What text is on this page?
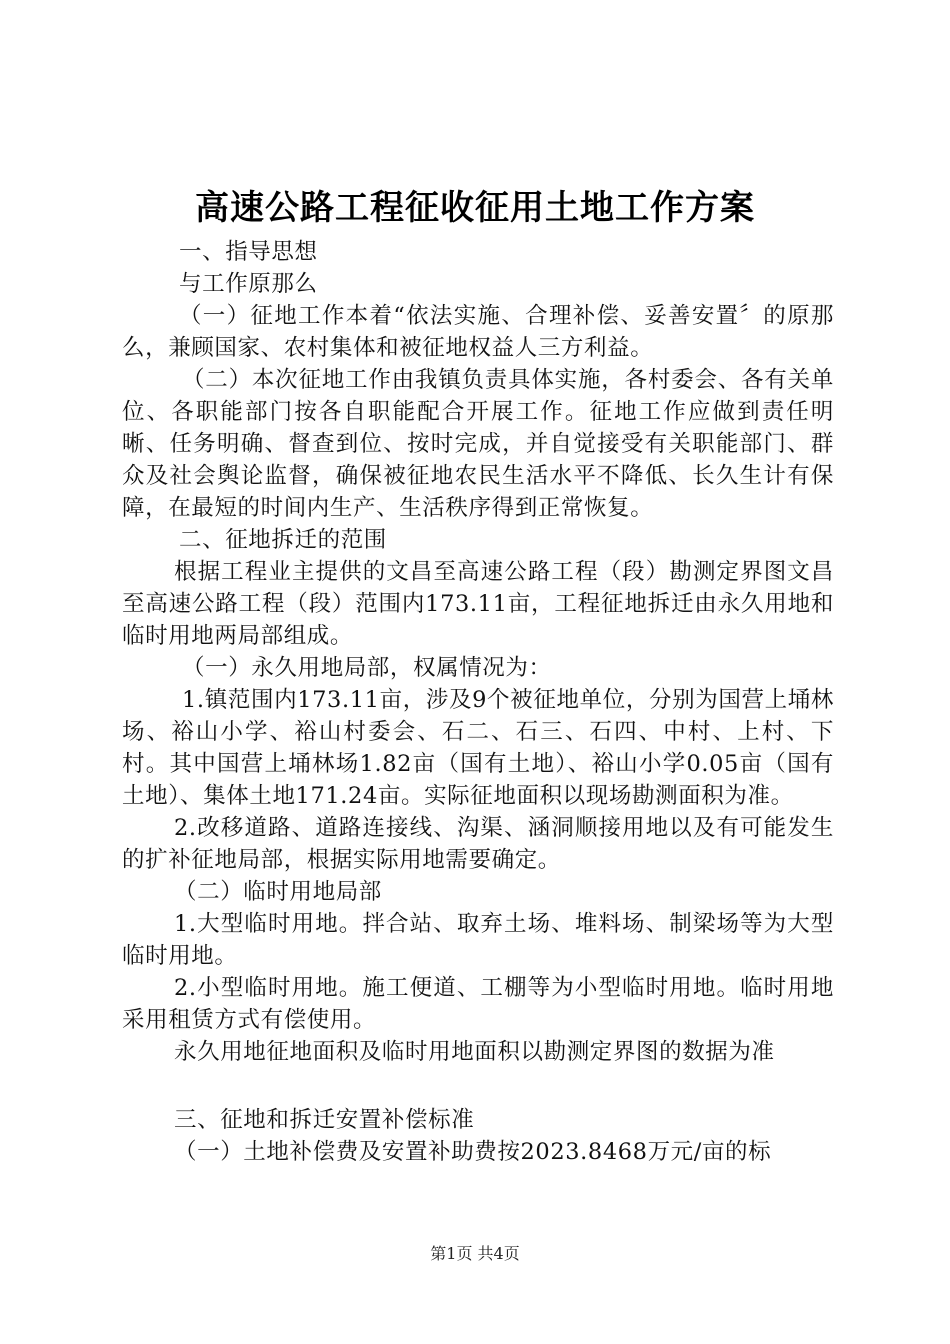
高速公路工程征收征用土地工作方案

一、指导思想

与工作原那么

（一）征地工作本着“依法实施、合理补偿、妥善安置〞的原那么，兼顾国家、农村集体和被征地权益人三方利益。

（二）本次征地工作由我镇负责具体实施，各村委会、各有关单位、各职能部门按各自职能配合开展工作。征地工作应做到责任明晰、任务明确、督查到位、按时完成，并自觉接受有关职能部门、群众及社会舆论监督，确保被征地农民生活水平不降低、长久生计有保障，在最短的时间内生产、生活秩序得到正常恢复。

二、征地拆迁的范围

根据工程业主提供的文昌至高速公路工程（段）勘测定界图文昌至高速公路工程（段）范围内173.11亩，工程征地拆迁由永久用地和临时用地两局部组成。

（一）永久用地局部，权属情况为：

1.镇范围内173.11亩，涉及9个被征地单位，分别为国营上埇林场、裕山小学、裕山村委会、石二、石三、石四、中村、上村、下村。其中国营上埇林场1.82亩（国有土地）、裕山小学0.05亩（国有土地）、集体土地171.24亩。实际征地面积以现场勘测面积为准。

2.改移道路、道路连接线、沟渠、涵洞顺接用地以及有可能发生的扩补征地局部，根据实际用地需要确定。

（二）临时用地局部

1.大型临时用地。拌合站、取弃土场、堆料场、制梁场等为大型临时用地。

2.小型临时用地。施工便道、工棚等为小型临时用地。临时用地采用租赁方式有偿使用。

永久用地征地面积及临时用地面积以勘测定界图的数据为准

三、征地和拆迁安置补偿标准

（一）土地补偿费及安置补助费按2023.8468万元/亩的标

第1页 共4页
